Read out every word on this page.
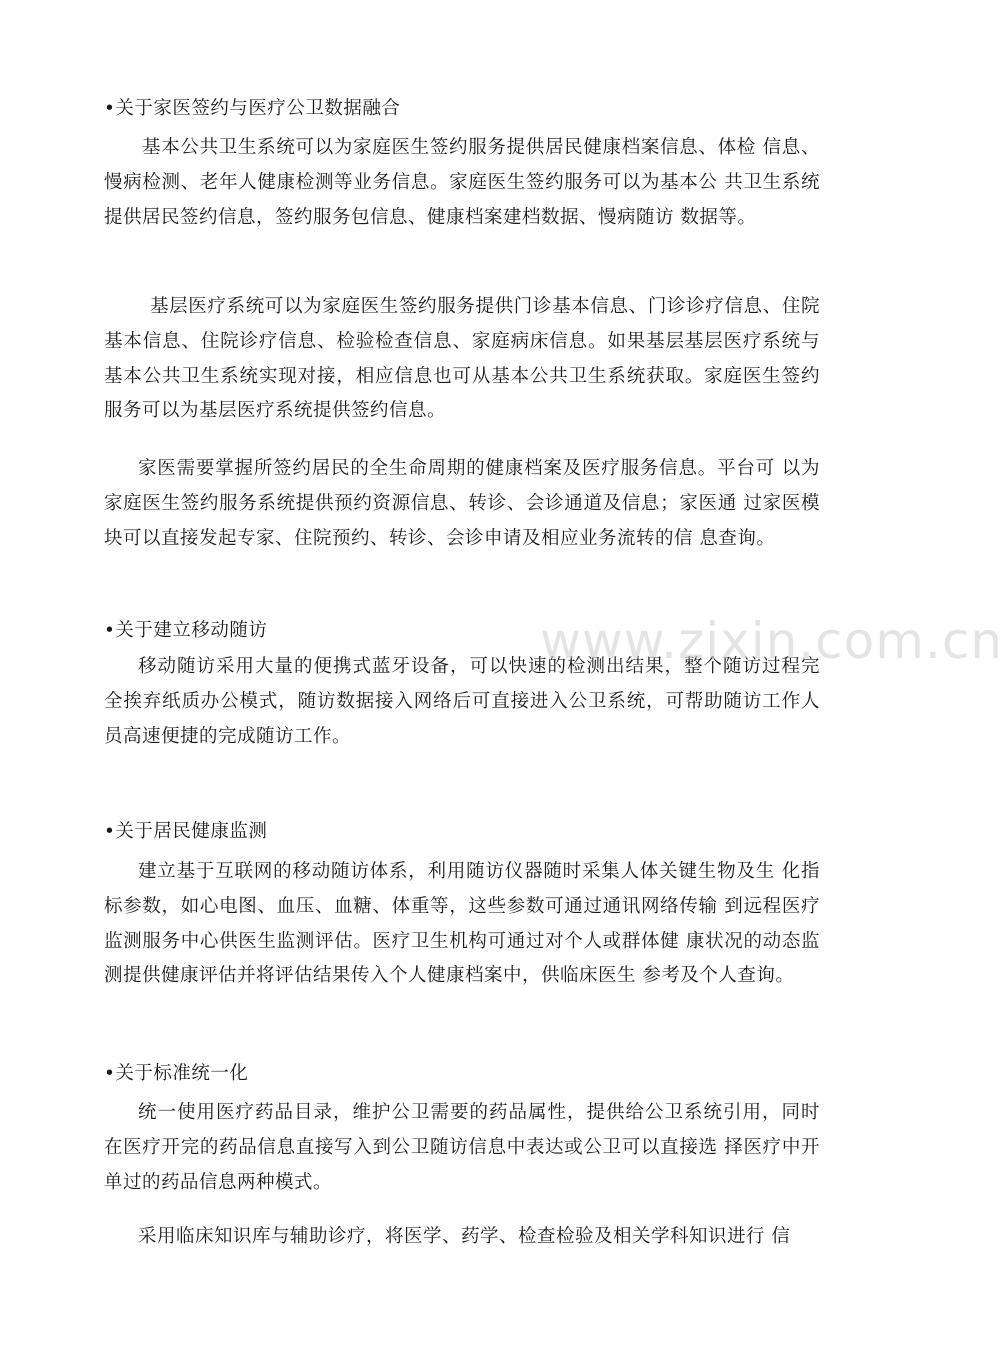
•关于家医签约与医疗公卫数据融合
基本公共卫生系统可以为家庭医生签约服务提供居民健康档案信息、体检 信息、慢病检测、老年人健康检测等业务信息。家庭医生签约服务可以为基本公 共卫生系统提供居民签约信息，签约服务包信息、健康档案建档数据、慢病随访 数据等。
基层医疗系统可以为家庭医生签约服务提供门诊基本信息、门诊诊疗信息、住院基本信息、住院诊疗信息、检验检查信息、家庭病床信息。如果基层基层医疗系统与基本公共卫生系统实现对接，相应信息也可从基本公共卫生系统获取。家庭医生签约服务可以为基层医疗系统提供签约信息。
家医需要掌握所签约居民的全生命周期的健康档案及医疗服务信息。平台可 以为家庭医生签约服务系统提供预约资源信息、转诊、会诊通道及信息；家医通 过家医模块可以直接发起专家、住院预约、转诊、会诊申请及相应业务流转的信 息查询。
•关于建立移动随访
移动随访采用大量的便携式蓝牙设备，可以快速的检测出结果，整个随访过程完全挨弃纸质办公模式，随访数据接入网络后可直接进入公卫系统，可帮助随访工作人员高速便捷的完成随访工作。
•关于居民健康监测
建立基于互联网的移动随访体系，利用随访仪器随时采集人体关键生物及生 化指标参数，如心电图、血压、血糖、体重等，这些参数可通过通讯网络传输 到远程医疗监测服务中心供医生监测评估。医疗卫生机构可通过对个人或群体健 康状况的动态监测提供健康评估并将评估结果传入个人健康档案中，供临床医生 参考及个人查询。
•关于标准统一化
统一使用医疗药品目录，维护公卫需要的药品属性，提供给公卫系统引用，同时在医疗开完的药品信息直接写入到公卫随访信息中表达或公卫可以直接选 择医疗中开单过的药品信息两种模式。
采用临床知识库与辅助诊疗，将医学、药学、检查检验及相关学科知识进行 信
www.zixin.com.cn
